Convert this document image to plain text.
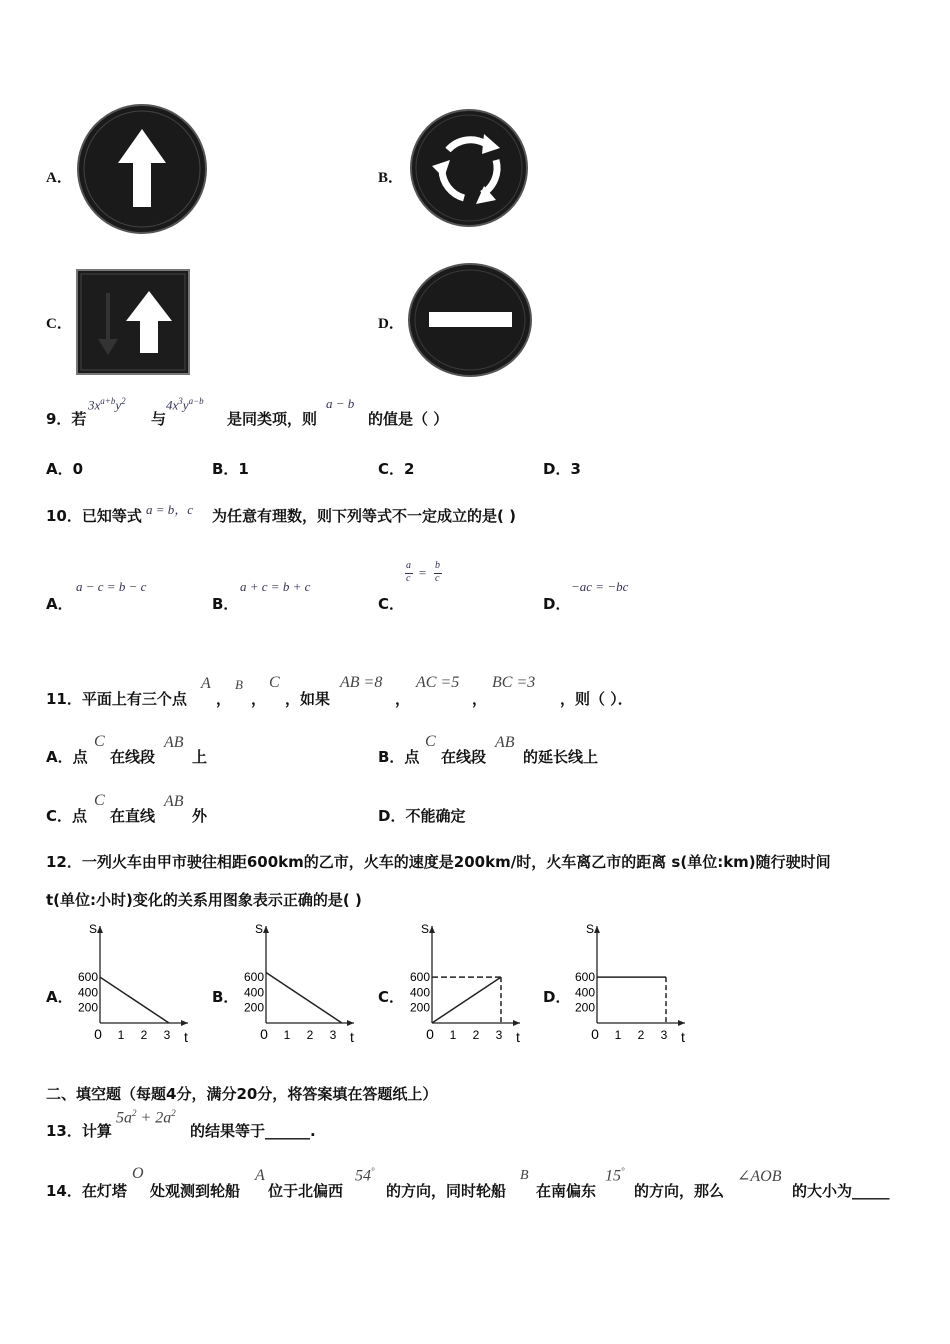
A．	B．
C．	D．
9．若
$3x^{a+b}y^2$
与
$4x^3y^{a-b}$
是同类项，则
a − b
的值是（ ）
A．0	B．1	C．2	D．3
10．已知等式 a = b，c 为任意有理数，则下列等式不一定成立的是( )
A．
a − c = b − c
B．
a + c = b + c
C．
a
c = b
c
D．
−ac = −bc
11．平面上有三个点
A
，
B
，
C
，如果
AB =8
，
AC =5
，
BC =3
，则（ ）．
A．点
C
在线段
AB
上	B．点
C
在线段
AB
的延长线上
C．点
C
在直线
AB
外	D．不能确定
12．一列火车由甲市驶往相距600km的乙市，火车的速度是200km/时，火车离乙市的距离 s(单位:km)随行驶时间
t(单位:小时)变化的关系用图象表示正确的是( )
A．	B．	C．	D．
S
t
200
400
600
0 1 2 3
S
t
200
400
600
0 1 2 3
S
t
200
400
600
0 1 2 3
S
t
200
400
600
0 1 2 3
二、填空题（每题4分，满分20分，将答案填在答题纸上）
13．计算
$5a^2 + 2a^2$
的结果等于______.
14．在灯塔
O
处观测到轮船
A
位于北偏西
54°
的方向，同时轮船
B
在南偏东
15°
的方向，那么
∠AOB
的大小为_____
